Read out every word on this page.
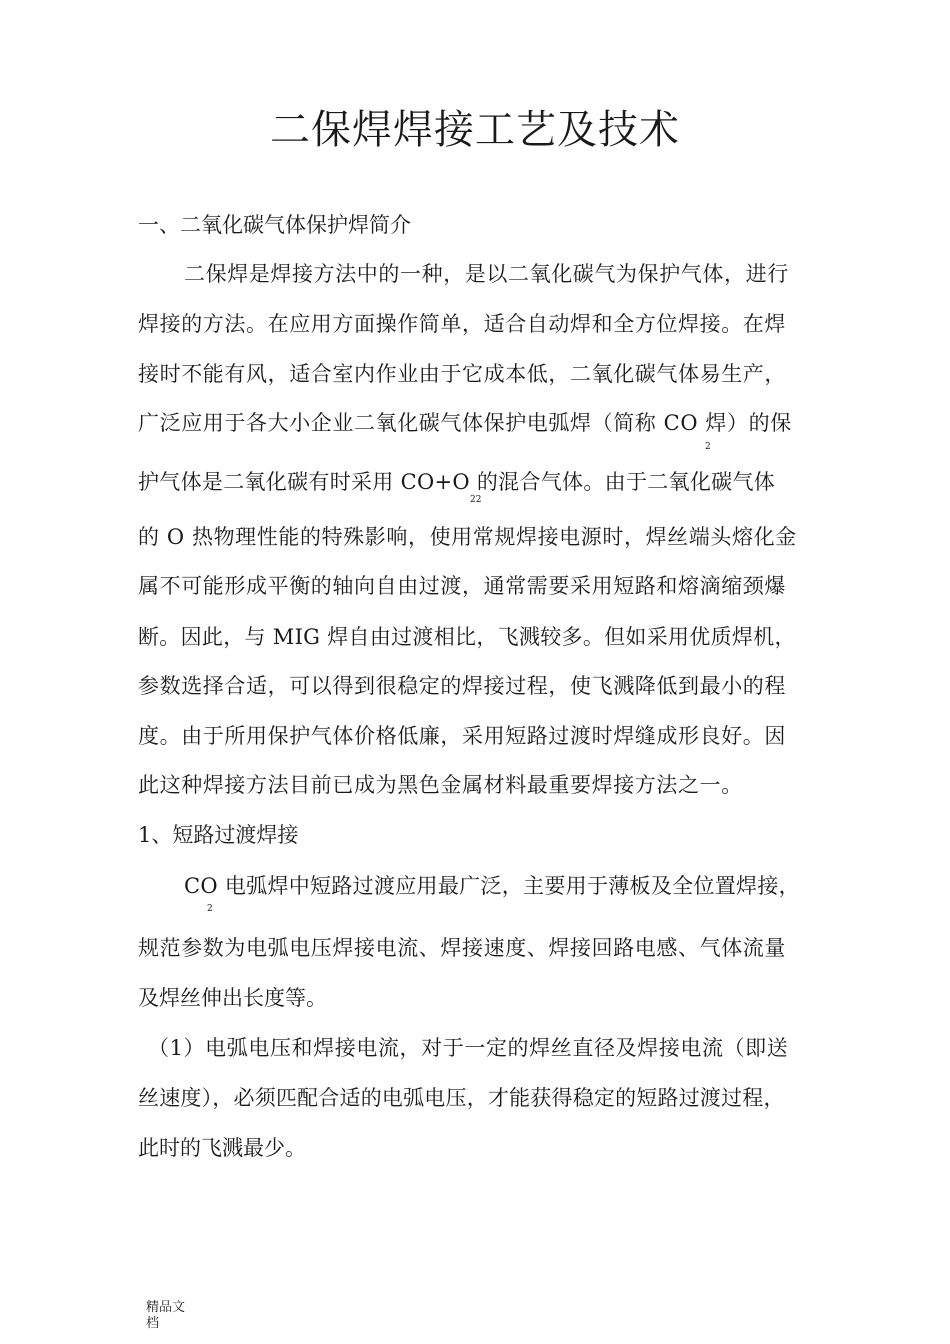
二保焊焊接工艺及技术
一、二氧化碳气体保护焊简介
二保焊是焊接方法中的一种，是以二氧化碳气为保护气体，进行
焊接的方法。在应用方面操作简单，适合自动焊和全方位焊接。在焊
接时不能有风，适合室内作业由于它成本低，二氧化碳气体易生产，
广泛应用于各大小企业二氧化碳气体保护电弧焊（简称 CO 焊）的保
2
护气体是二氧化碳有时采用 CO+O 的混合气体。由于二氧化碳气体
22
的 O 热物理性能的特殊影响，使用常规焊接电源时，焊丝端头熔化金
属不可能形成平衡的轴向自由过渡，通常需要采用短路和熔滴缩颈爆
断。因此，与 MIG 焊自由过渡相比，飞溅较多。但如采用优质焊机，
参数选择合适，可以得到很稳定的焊接过程，使飞溅降低到最小的程
度。由于所用保护气体价格低廉，采用短路过渡时焊缝成形良好。因
此这种焊接方法目前已成为黑色金属材料最重要焊接方法之一。
1、短路过渡焊接
CO 电弧焊中短路过渡应用最广泛，主要用于薄板及全位置焊接，
2
规范参数为电弧电压焊接电流、焊接速度、焊接回路电感、气体流量
及焊丝伸出长度等。
（1）电弧电压和焊接电流，对于一定的焊丝直径及焊接电流（即送
丝速度），必须匹配合适的电弧电压，才能获得稳定的短路过渡过程，
此时的飞溅最少。
精品文
档
